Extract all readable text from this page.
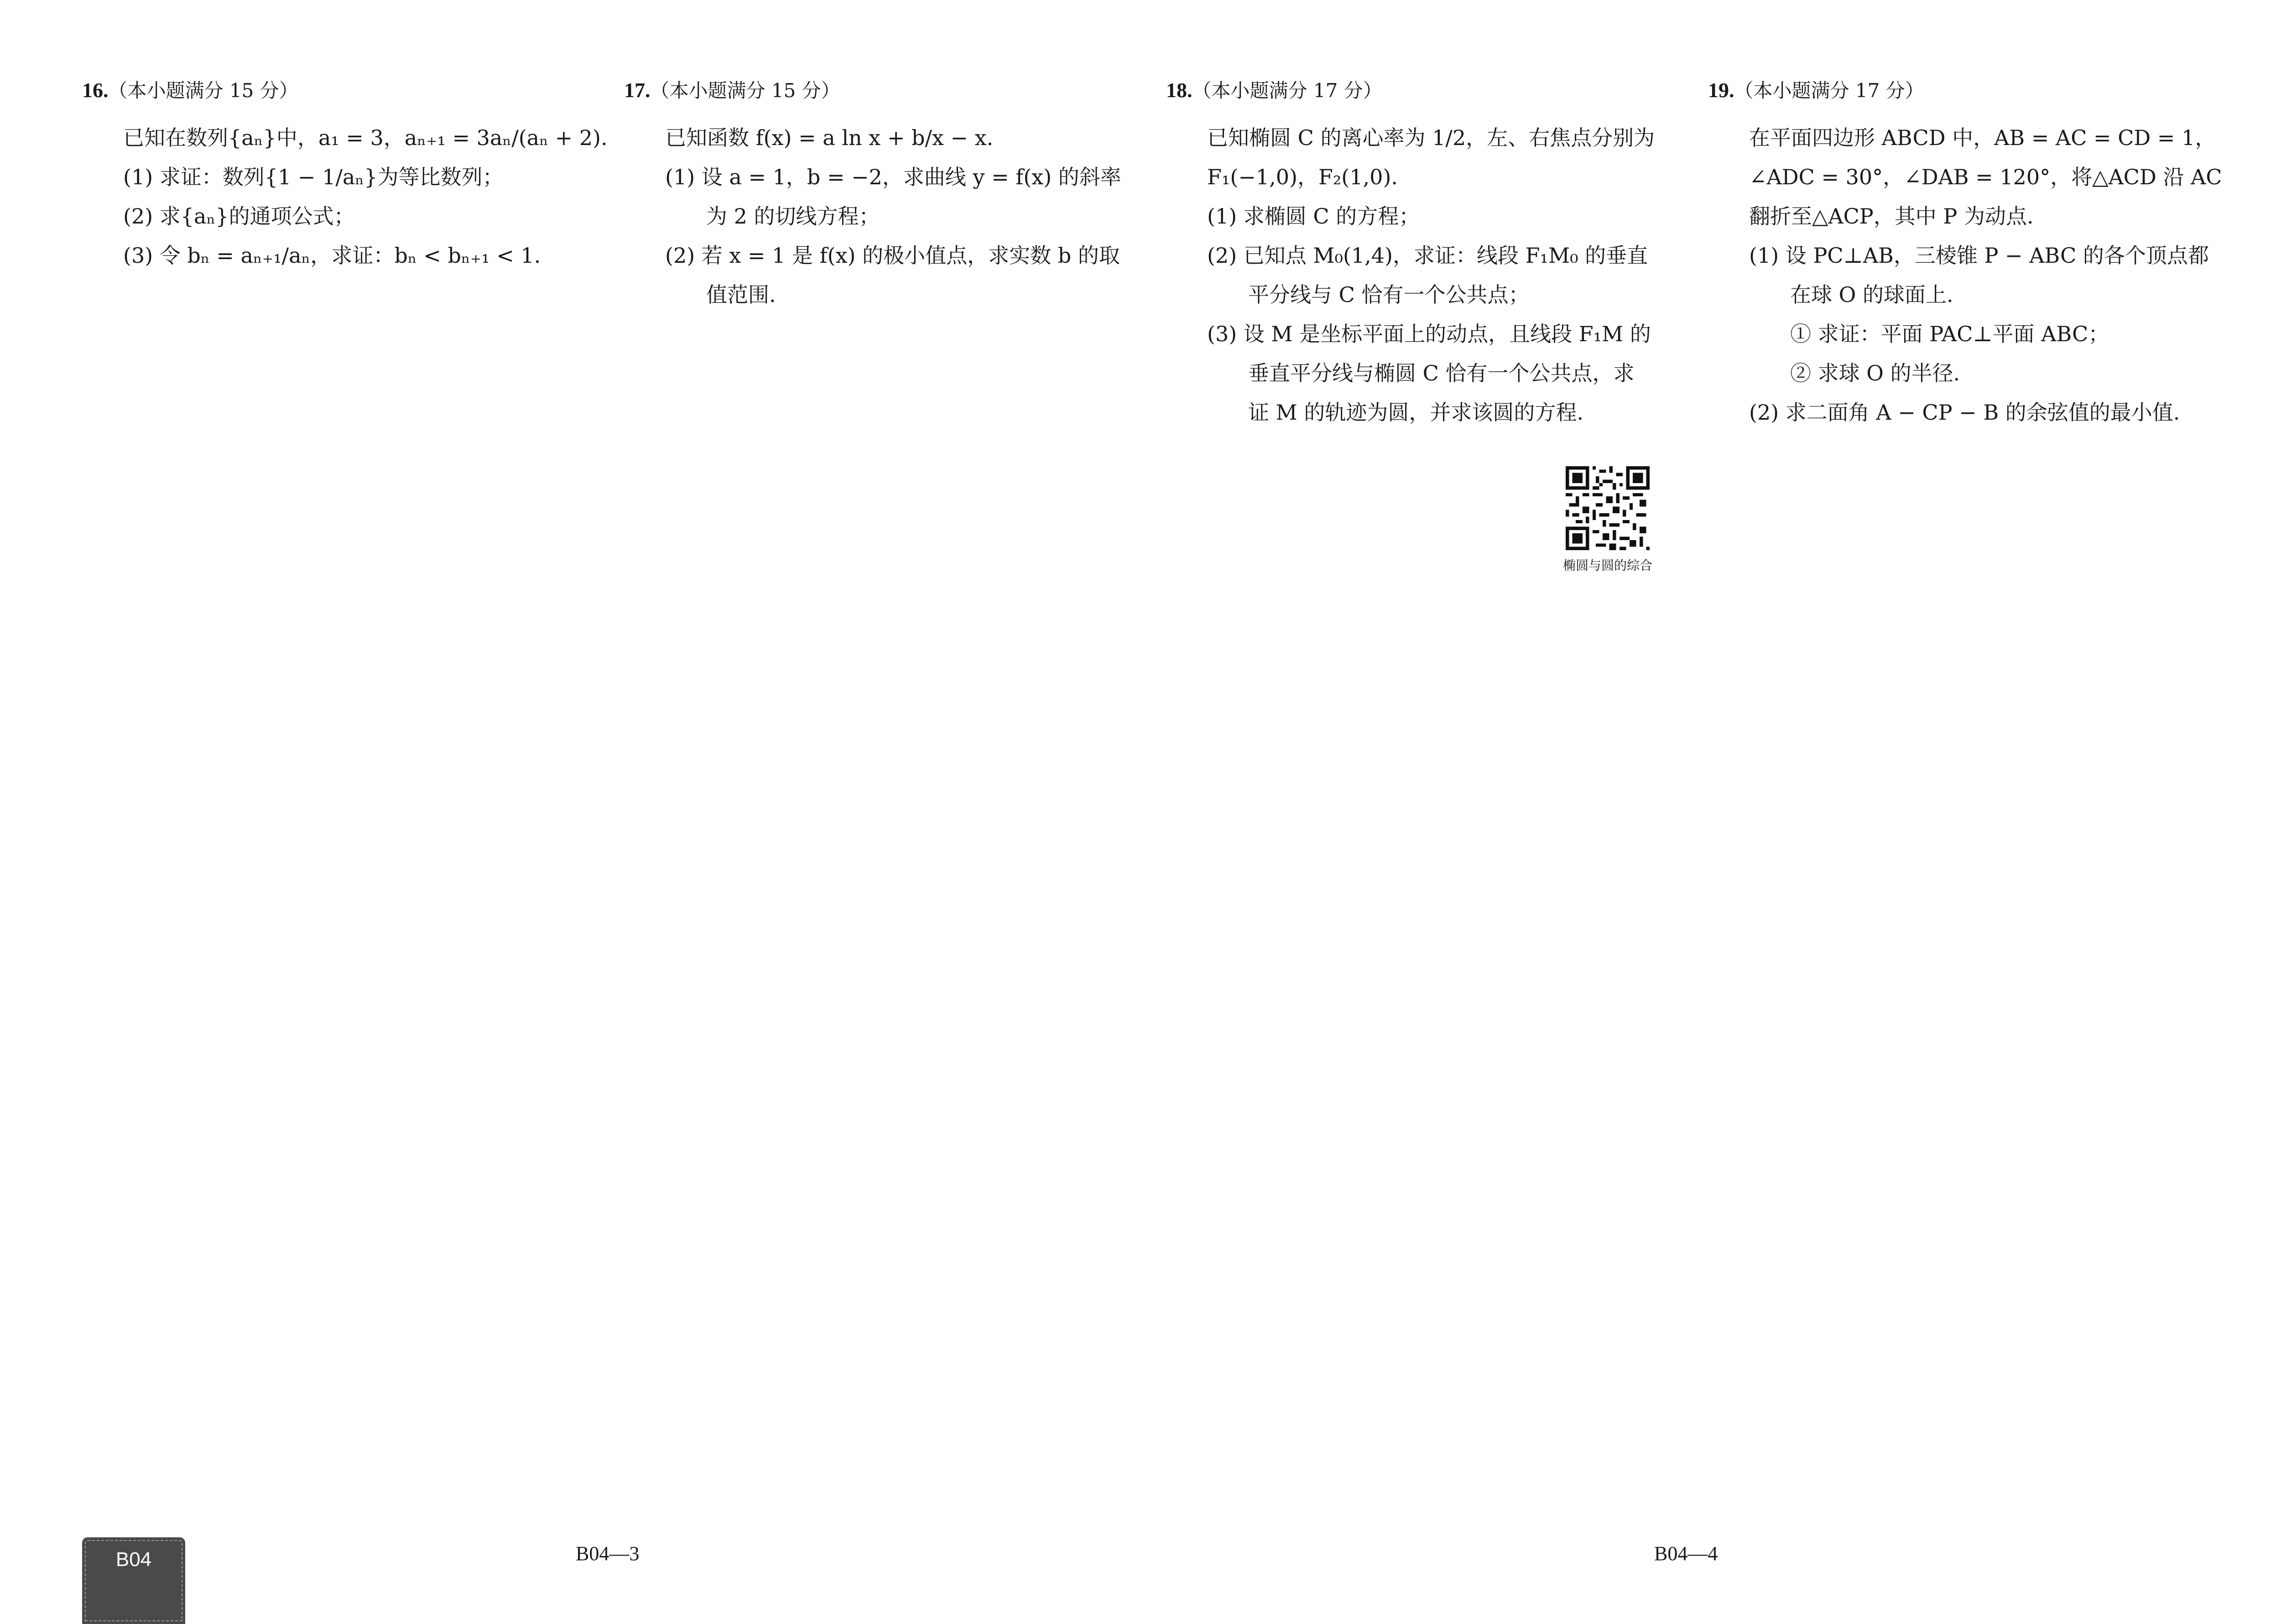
16.（本小题满分 15 分）
已知在数列{aₙ}中，a₁ = 3，aₙ₊₁ = 3aₙ/(aₙ + 2).
(1) 求证：数列{1 − 1/aₙ}为等比数列；
(2) 求{aₙ}的通项公式；
(3) 令 bₙ = aₙ₊₁/aₙ，求证：bₙ < bₙ₊₁ < 1.
17.（本小题满分 15 分）
已知函数 f(x) = a ln x + b/x − x.
(1) 设 a = 1，b = −2，求曲线 y = f(x) 的斜率
为 2 的切线方程；
(2) 若 x = 1 是 f(x) 的极小值点，求实数 b 的取
值范围.
18.（本小题满分 17 分）
已知椭圆 C 的离心率为 1/2，左、右焦点分别为
F₁(−1,0)，F₂(1,0).
(1) 求椭圆 C 的方程；
(2) 已知点 M₀(1,4)，求证：线段 F₁M₀ 的垂直
平分线与 C 恰有一个公共点；
(3) 设 M 是坐标平面上的动点，且线段 F₁M 的
垂直平分线与椭圆 C 恰有一个公共点，求
证 M 的轨迹为圆，并求该圆的方程.
椭圆与圆的综合
19.（本小题满分 17 分）
在平面四边形 ABCD 中，AB = AC = CD = 1，
∠ADC = 30°，∠DAB = 120°，将△ACD 沿 AC
翻折至△ACP，其中 P 为动点.
(1) 设 PC⊥AB，三棱锥 P − ABC 的各个顶点都
在球 O 的球面上.
① 求证：平面 PAC⊥平面 ABC；
② 求球 O 的半径.
(2) 求二面角 A − CP − B 的余弦值的最小值.
B04	B04—3	B04—4
